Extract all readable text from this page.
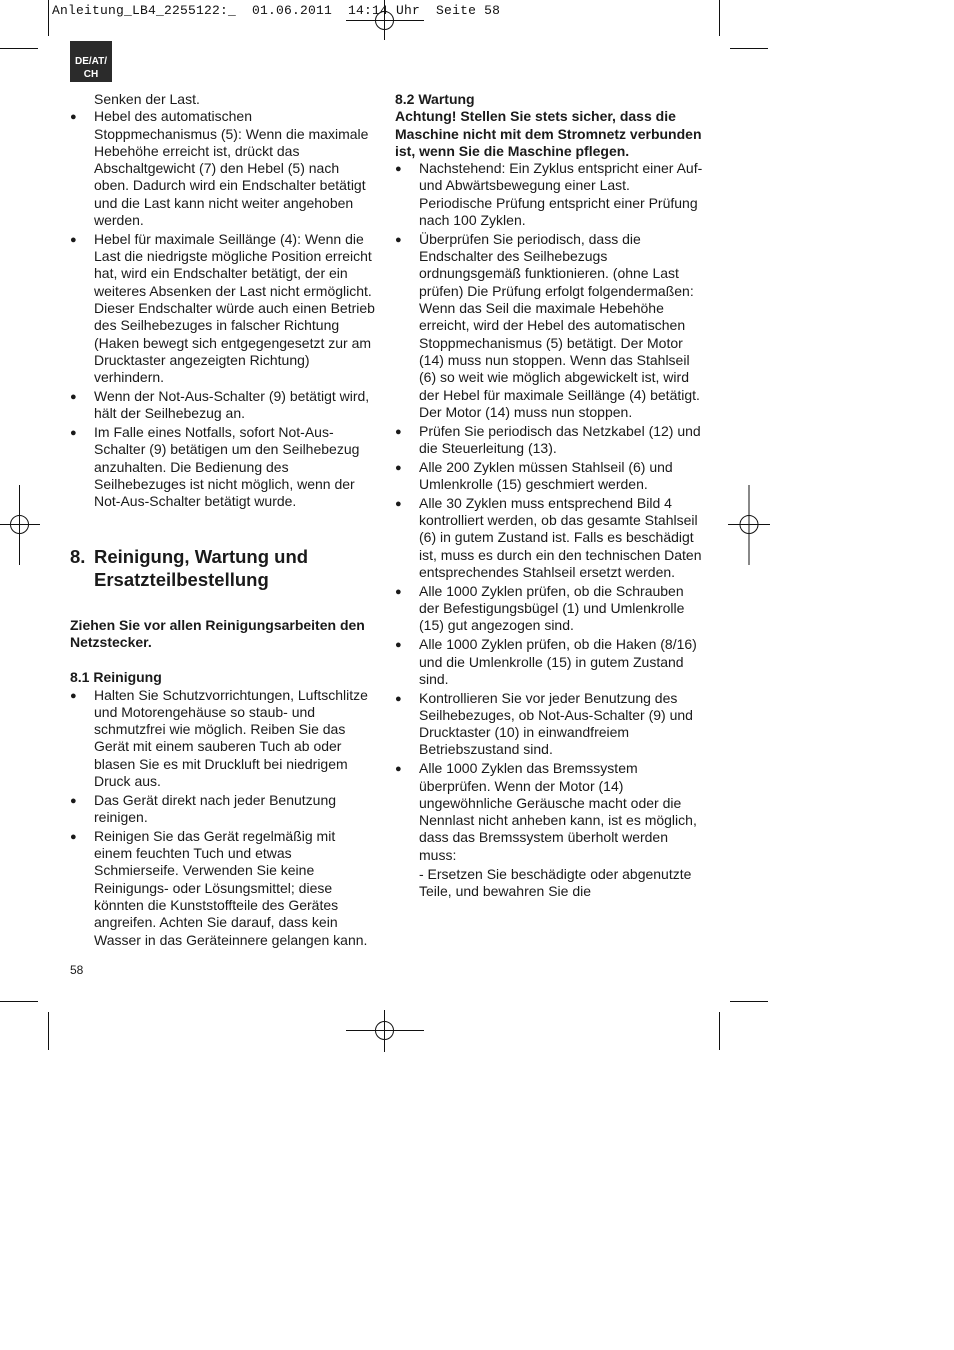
Anleitung_LB4_2255122:_  01.06.2011  14:14 Uhr  Seite 58
DE/AT/
CH

Senken der Last.

● Hebel des automatischen Stoppmechanismus (5): Wenn die maximale Hebehöhe erreicht ist, drückt das Abschaltgewicht (7) den Hebel (5) nach oben. Dadurch wird ein Endschalter betätigt und die Last kann nicht weiter angehoben werden.
● Hebel für maximale Seillänge (4): Wenn die Last die niedrigste mögliche Position erreicht hat, wird ein Endschalter betätigt, der ein weiteres Absenken der Last nicht ermöglicht. Dieser Endschalter würde auch einen Betrieb des Seilhebezuges in falscher Richtung (Haken bewegt sich entgegengesetzt zur am Drucktaster angezeigten Richtung) verhindern.
● Wenn der Not-Aus-Schalter (9) betätigt wird, hält der Seilhebezug an.
● Im Falle eines Notfalls, sofort Not-Aus-Schalter (9) betätigen um den Seilhebezug anzuhalten. Die Bedienung des Seilhebezuges ist nicht möglich, wenn der Not-Aus-Schalter betätigt wurde.
8. Reinigung, Wartung und
Ersatzteilbestellung

Ziehen Sie vor allen Reinigungsarbeiten den Netzstecker.

8.1 Reinigung

● Halten Sie Schutzvorrichtungen, Luftschlitze und Motorengehäuse so staub- und schmutzfrei wie möglich. Reiben Sie das Gerät mit einem sauberen Tuch ab oder blasen Sie es mit Druckluft bei niedrigem Druck aus.
● Das Gerät direkt nach jeder Benutzung reinigen.
● Reinigen Sie das Gerät regelmäßig mit einem feuchten Tuch und etwas Schmierseife. Verwenden Sie keine Reinigungs- oder Lösungsmittel; diese könnten die Kunststoffteile des Gerätes angreifen. Achten Sie darauf, dass kein Wasser in das Geräteinnere gelangen kann.

8.2 Wartung

Achtung! Stellen Sie stets sicher, dass die Maschine nicht mit dem Stromnetz verbunden ist, wenn Sie die Maschine pflegen.

● Nachstehend: Ein Zyklus entspricht einer Auf- und Abwärtsbewegung einer Last. Periodische Prüfung entspricht einer Prüfung nach 100 Zyklen.
● Überprüfen Sie periodisch, dass die Endschalter des Seilhebezugs ordnungsgemäß funktionieren. (ohne Last prüfen) Die Prüfung erfolgt folgendermaßen: Wenn das Seil die maximale Hebehöhe erreicht, wird der Hebel des automatischen Stoppmechanismus (5) betätigt. Der Motor (14) muss nun stoppen. Wenn das Stahlseil (6) so weit wie möglich abgewickelt ist, wird der Hebel für maximale Seillänge (4) betätigt. Der Motor (14) muss nun stoppen.
● Prüfen Sie periodisch das Netzkabel (12) und die Steuerleitung (13).
● Alle 200 Zyklen müssen Stahlseil (6) und Umlenkrolle (15) geschmiert werden.
● Alle 30 Zyklen muss entsprechend Bild 4 kontrolliert werden, ob das gesamte Stahlseil (6) in gutem Zustand ist. Falls es beschädigt ist, muss es durch ein den technischen Daten entsprechendes Stahlseil ersetzt werden.
● Alle 1000 Zyklen prüfen, ob die Schrauben der Befestigungsbügel (1) und Umlenkrolle (15) gut angezogen sind.
● Alle 1000 Zyklen prüfen, ob die Haken (8/16) und die Umlenkrolle (15) in gutem Zustand sind.
● Kontrollieren Sie vor jeder Benutzung des Seilhebezuges, ob Not-Aus-Schalter (9) und Drucktaster (10) in einwandfreiem Betriebszustand sind.
● Alle 1000 Zyklen das Bremssystem überprüfen. Wenn der Motor (14) ungewöhnliche Geräusche macht oder die Nennlast nicht anheben kann, ist es möglich, dass das Bremssystem überholt werden muss:

- Ersetzen Sie beschädigte oder abgenutzte Teile, und bewahren Sie die

58
